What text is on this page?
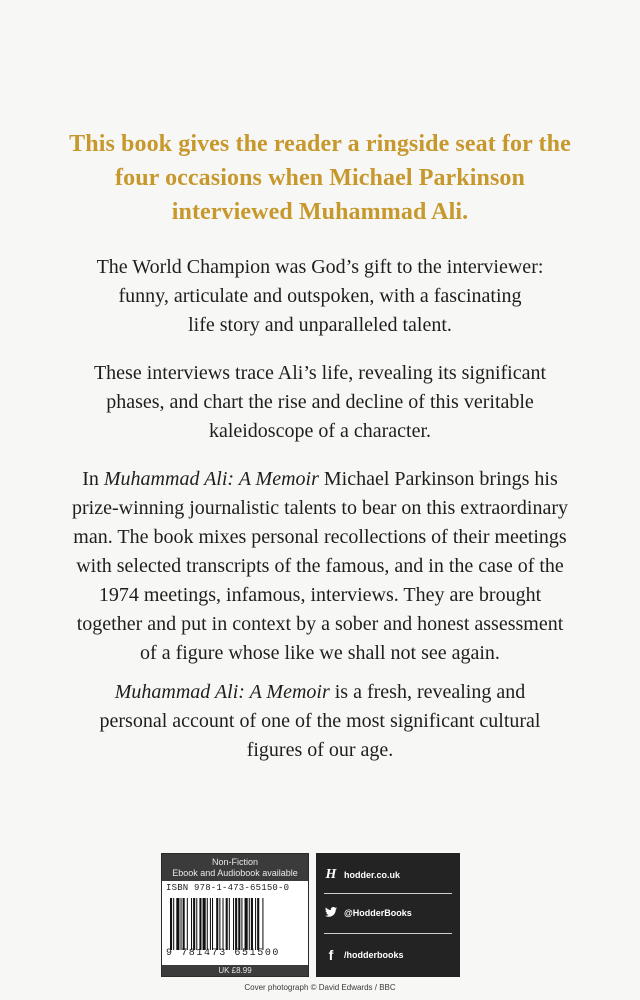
This book gives the reader a ringside seat for the
four occasions when Michael Parkinson
interviewed Muhammad Ali.
The World Champion was God’s gift to the interviewer:
funny, articulate and outspoken, with a fascinating
life story and unparalleled talent.
These interviews trace Ali’s life, revealing its significant
phases, and chart the rise and decline of this veritable
kaleidoscope of a character.
In Muhammad Ali: A Memoir Michael Parkinson brings his
prize-winning journalistic talents to bear on this extraordinary
man. The book mixes personal recollections of their meetings
with selected transcripts of the famous, and in the case of the
1974 meetings, infamous, interviews. They are brought
together and put in context by a sober and honest assessment
of a figure whose like we shall not see again.
Muhammad Ali: A Memoir is a fresh, revealing and
personal account of one of the most significant cultural
figures of our age.
Non-Fiction
Ebook and Audiobook available
ISBN 978-1-473-65150-0
9 781473 651500
UK £8.99
H hodder.co.uk
@HodderBooks
f	/hodderbooks
Cover photograph © David Edwards / BBC
